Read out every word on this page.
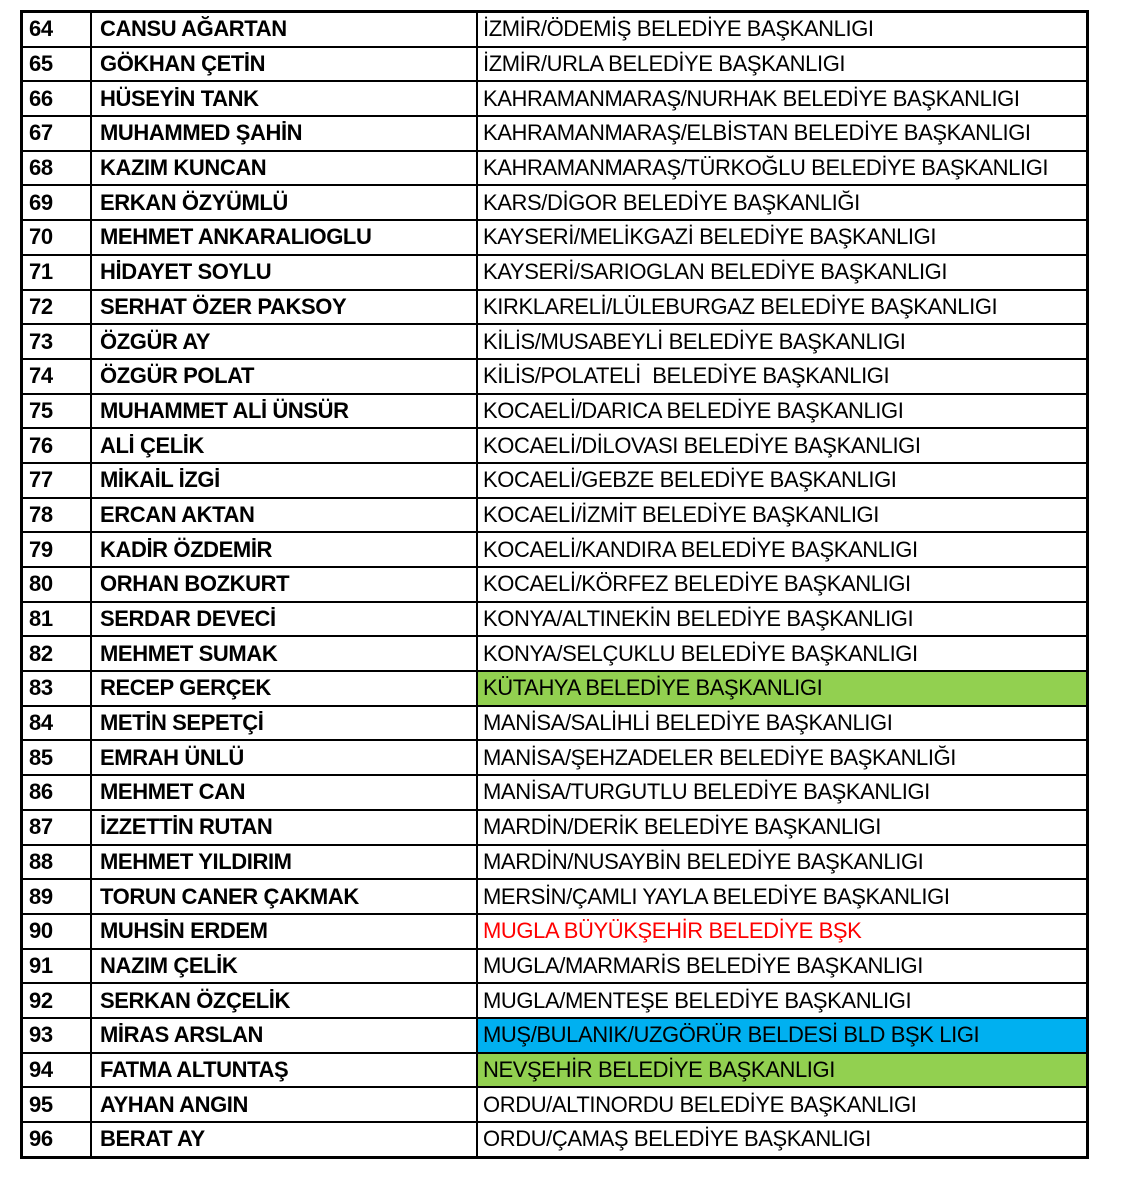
64	CANSU AĞARTAN	İZMİR/ÖDEMİŞ BELEDİYE BAŞKANLIGI
65	GÖKHAN ÇETİN	İZMİR/URLA BELEDİYE BAŞKANLIGI
66	HÜSEYİN TANK	KAHRAMANMARAŞ/NURHAK BELEDİYE BAŞKANLIGI
67	MUHAMMED ŞAHİN	KAHRAMANMARAŞ/ELBİSTAN BELEDİYE BAŞKANLIGI
68	KAZIM KUNCAN	KAHRAMANMARAŞ/TÜRKOĞLU BELEDİYE BAŞKANLIGI
69	ERKAN ÖZYÜMLÜ	KARS/DİGOR BELEDİYE BAŞKANLIĞI
70	MEHMET ANKARALIOGLU	KAYSERİ/MELİKGAZİ BELEDİYE BAŞKANLIGI
71	HİDAYET SOYLU	KAYSERİ/SARIOGLAN BELEDİYE BAŞKANLIGI
72	SERHAT ÖZER PAKSOY	KIRKLARELİ/LÜLEBURGAZ BELEDİYE BAŞKANLIGI
73	ÖZGÜR AY	KİLİS/MUSABEYLİ BELEDİYE BAŞKANLIGI
74	ÖZGÜR POLAT	KİLİS/POLATELİ  BELEDİYE BAŞKANLIGI
75	MUHAMMET ALİ ÜNSÜR	KOCAELİ/DARICA BELEDİYE BAŞKANLIGI
76	ALİ ÇELİK	KOCAELİ/DİLOVASI BELEDİYE BAŞKANLIGI
77	MİKAİL İZGİ	KOCAELİ/GEBZE BELEDİYE BAŞKANLIGI
78	ERCAN AKTAN	KOCAELİ/İZMİT BELEDİYE BAŞKANLIGI
79	KADİR ÖZDEMİR	KOCAELİ/KANDIRA BELEDİYE BAŞKANLIGI
80	ORHAN BOZKURT	KOCAELİ/KÖRFEZ BELEDİYE BAŞKANLIGI
81	SERDAR DEVECİ	KONYA/ALTINEKİN BELEDİYE BAŞKANLIGI
82	MEHMET SUMAK	KONYA/SELÇUKLU BELEDİYE BAŞKANLIGI
83	RECEP GERÇEK	KÜTAHYA BELEDİYE BAŞKANLIGI
84	METİN SEPETÇİ	MANİSA/SALİHLİ BELEDİYE BAŞKANLIGI
85	EMRAH ÜNLÜ	MANİSA/ŞEHZADELER BELEDİYE BAŞKANLIĞI
86	MEHMET CAN	MANİSA/TURGUTLU BELEDİYE BAŞKANLIGI
87	İZZETTİN RUTAN	MARDİN/DERİK BELEDİYE BAŞKANLIGI
88	MEHMET YILDIRIM	MARDİN/NUSAYBİN BELEDİYE BAŞKANLIGI
89	TORUN CANER ÇAKMAK	MERSİN/ÇAMLI YAYLA BELEDİYE BAŞKANLIGI
90	MUHSİN ERDEM	MUGLA BÜYÜKŞEHİR BELEDİYE BŞK
91	NAZIM ÇELİK	MUGLA/MARMARİS BELEDİYE BAŞKANLIGI
92	SERKAN ÖZÇELİK	MUGLA/MENTEŞE BELEDİYE BAŞKANLIGI
93	MİRAS ARSLAN	MUŞ/BULANIK/UZGÖRÜR BELDESİ BLD BŞK LIGI
94	FATMA ALTUNTAŞ	NEVŞEHİR BELEDİYE BAŞKANLIGI
95	AYHAN ANGIN	ORDU/ALTINORDU BELEDİYE BAŞKANLIGI
96	BERAT AY	ORDU/ÇAMAŞ BELEDİYE BAŞKANLIGI
